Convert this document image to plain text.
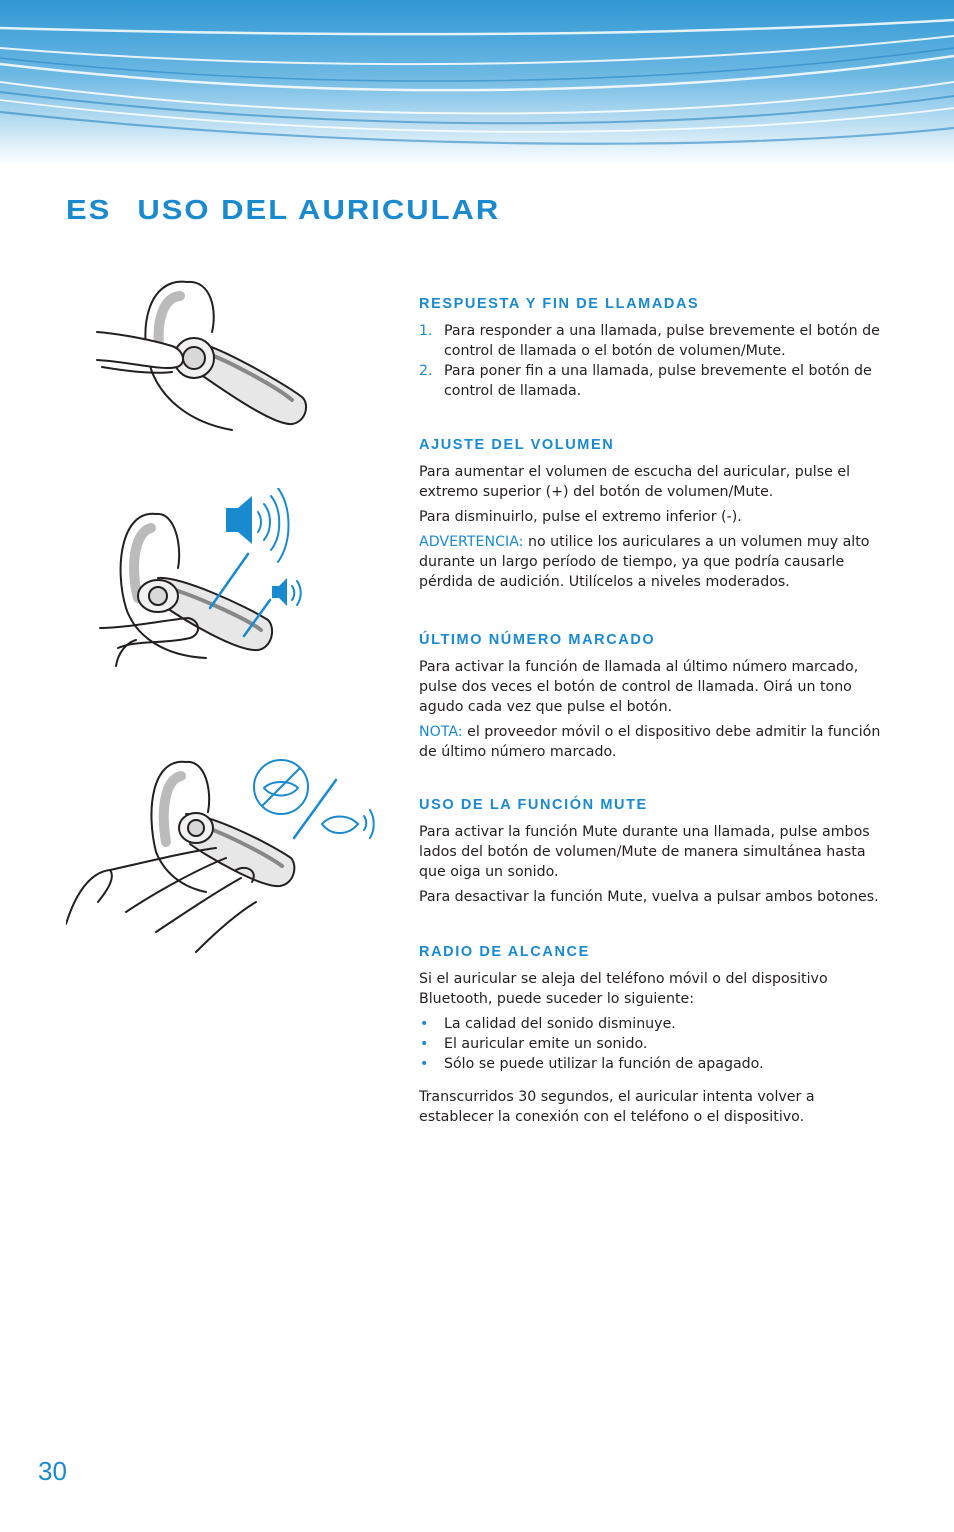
ES USO DEL AURICULAR
RESPUESTA Y FIN DE LLAMADAS
1. Para responder a una llamada, pulse brevemente el botón de control de llamada o el botón de volumen/Mute.
2. Para poner fin a una llamada, pulse brevemente el botón de control de llamada.
AJUSTE DEL VOLUMEN

Para aumentar el volumen de escucha del auricular, pulse el extremo superior (+) del botón de volumen/Mute.

Para disminuirlo, pulse el extremo inferior (-).

ADVERTENCIA: no utilice los auriculares a un volumen muy alto durante un largo período de tiempo, ya que podría causarle pérdida de audición. Utilícelos a niveles moderados.

ÚLTIMO NÚMERO MARCADO

Para activar la función de llamada al último número marcado, pulse dos veces el botón de control de llamada. Oirá un tono agudo cada vez que pulse el botón.

NOTA: el proveedor móvil o el dispositivo debe admitir la función de último número marcado.

USO DE LA FUNCIÓN MUTE

Para activar la función Mute durante una llamada, pulse ambos lados del botón de volumen/Mute de manera simultánea hasta que oiga un sonido.

Para desactivar la función Mute, vuelva a pulsar ambos botones.

RADIO DE ALCANCE

Si el auricular se aleja del teléfono móvil o del dispositivo Bluetooth, puede suceder lo siguiente:

• La calidad del sonido disminuye.
• El auricular emite un sonido.
• Sólo se puede utilizar la función de apagado.

Transcurridos 30 segundos, el auricular intenta volver a establecer la conexión con el teléfono o el dispositivo.

30
